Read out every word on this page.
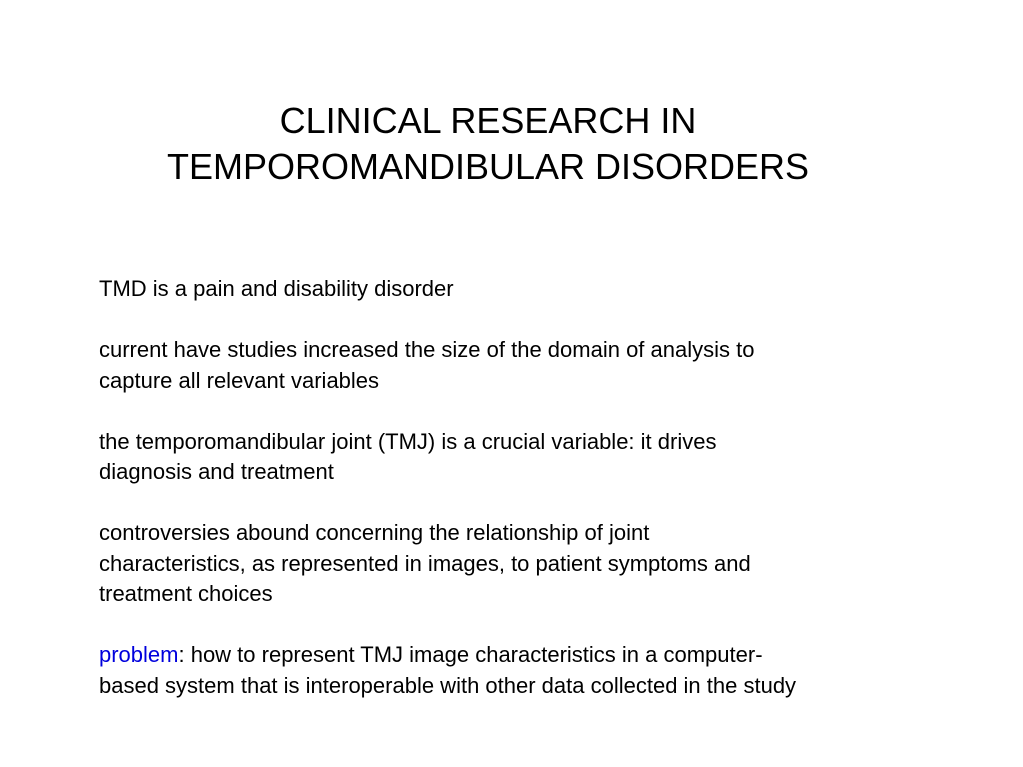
CLINICAL RESEARCH IN
TEMPOROMANDIBULAR DISORDERS

TMD is a pain and disability disorder

current have studies increased the size of the domain of analysis to
capture all relevant variables

the temporomandibular joint (TMJ) is a crucial variable: it drives
diagnosis and treatment

controversies abound concerning the relationship of joint
characteristics, as represented in images, to patient symptoms and
treatment choices

problem: how to represent TMJ image characteristics in a computer-
based system that is interoperable with other data collected in the study
